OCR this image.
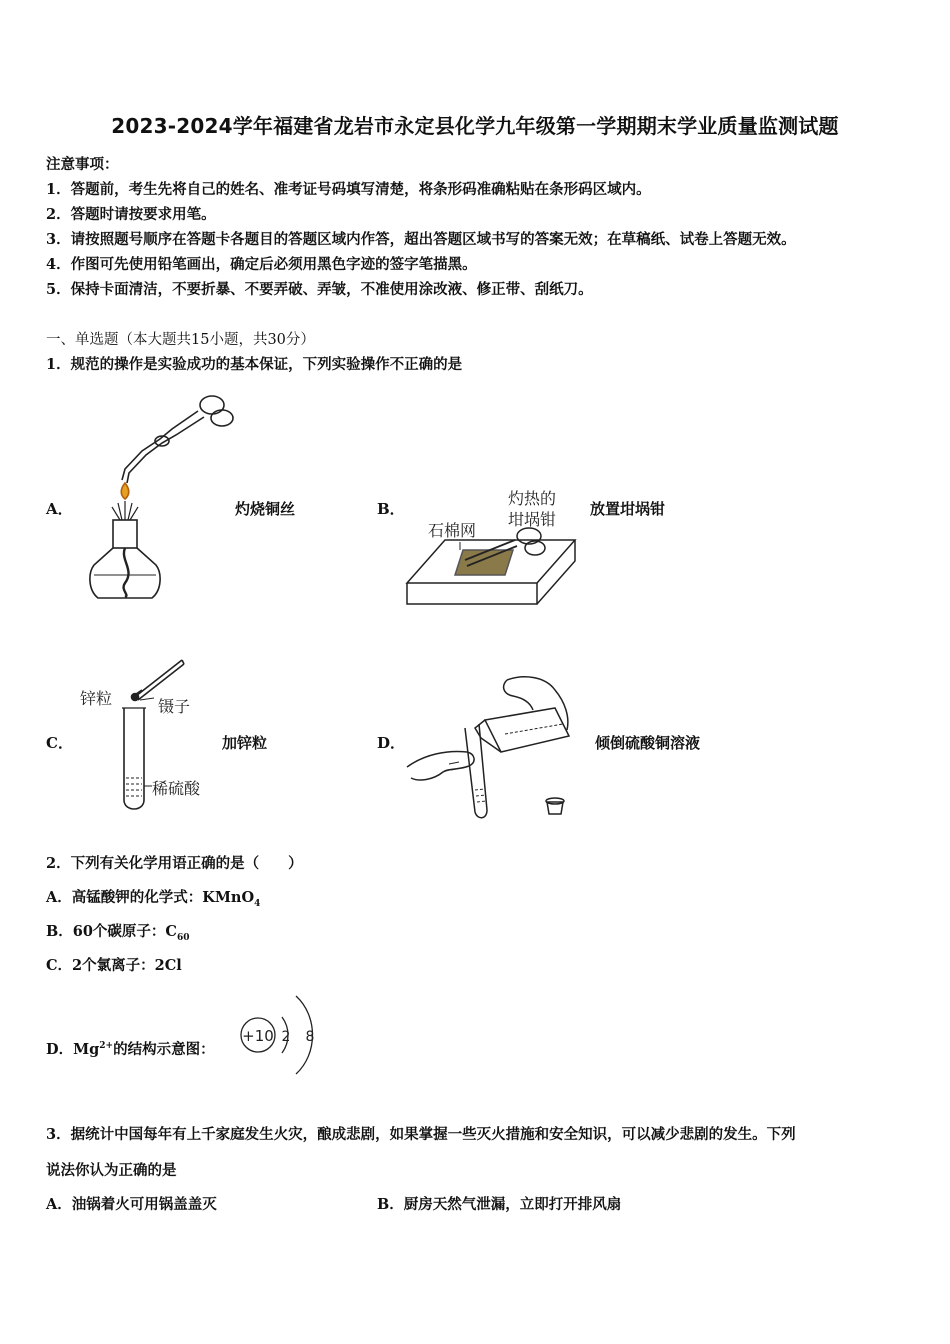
2023-2024学年福建省龙岩市永定县化学九年级第一学期期末学业质量监测试题
注意事项：
1．答题前，考生先将自己的姓名、准考证号码填写清楚，将条形码准确粘贴在条形码区域内。
2．答题时请按要求用笔。
3．请按照题号顺序在答题卡各题目的答题区域内作答，超出答题区域书写的答案无效；在草稿纸、试卷上答题无效。
4．作图可先使用铅笔画出，确定后必须用黑色字迹的签字笔描黑。
5．保持卡面清洁，不要折暴、不要弄破、弄皱，不准使用涂改液、修正带、刮纸刀。
一、单选题（本大题共15小题，共30分）
1．规范的操作是实验成功的基本保证，下列实验操作不正确的是
A．	灼烧铜丝	B．
灼热的
坩埚钳
石棉网
放置坩埚钳
C．
锌粒	镊子
稀硫酸
加锌粒	D．	倾倒硫酸铜溶液
2．下列有关化学用语正确的是（　　）
A．高锰酸钾的化学式：KMnO$_4$
B．60个碳原子：$C_{60}$
C．2个氯离子：2Cl
D．$Mg^{2+}$的结构示意图：
+10 2 8
3．据统计中国每年有上千家庭发生火灾，酿成悲剧，如果掌握一些灭火措施和安全知识，可以减少悲剧的发生。下列
说法你认为正确的是
A．油锅着火可用锅盖盖灭	B．厨房天然气泄漏，立即打开排风扇
